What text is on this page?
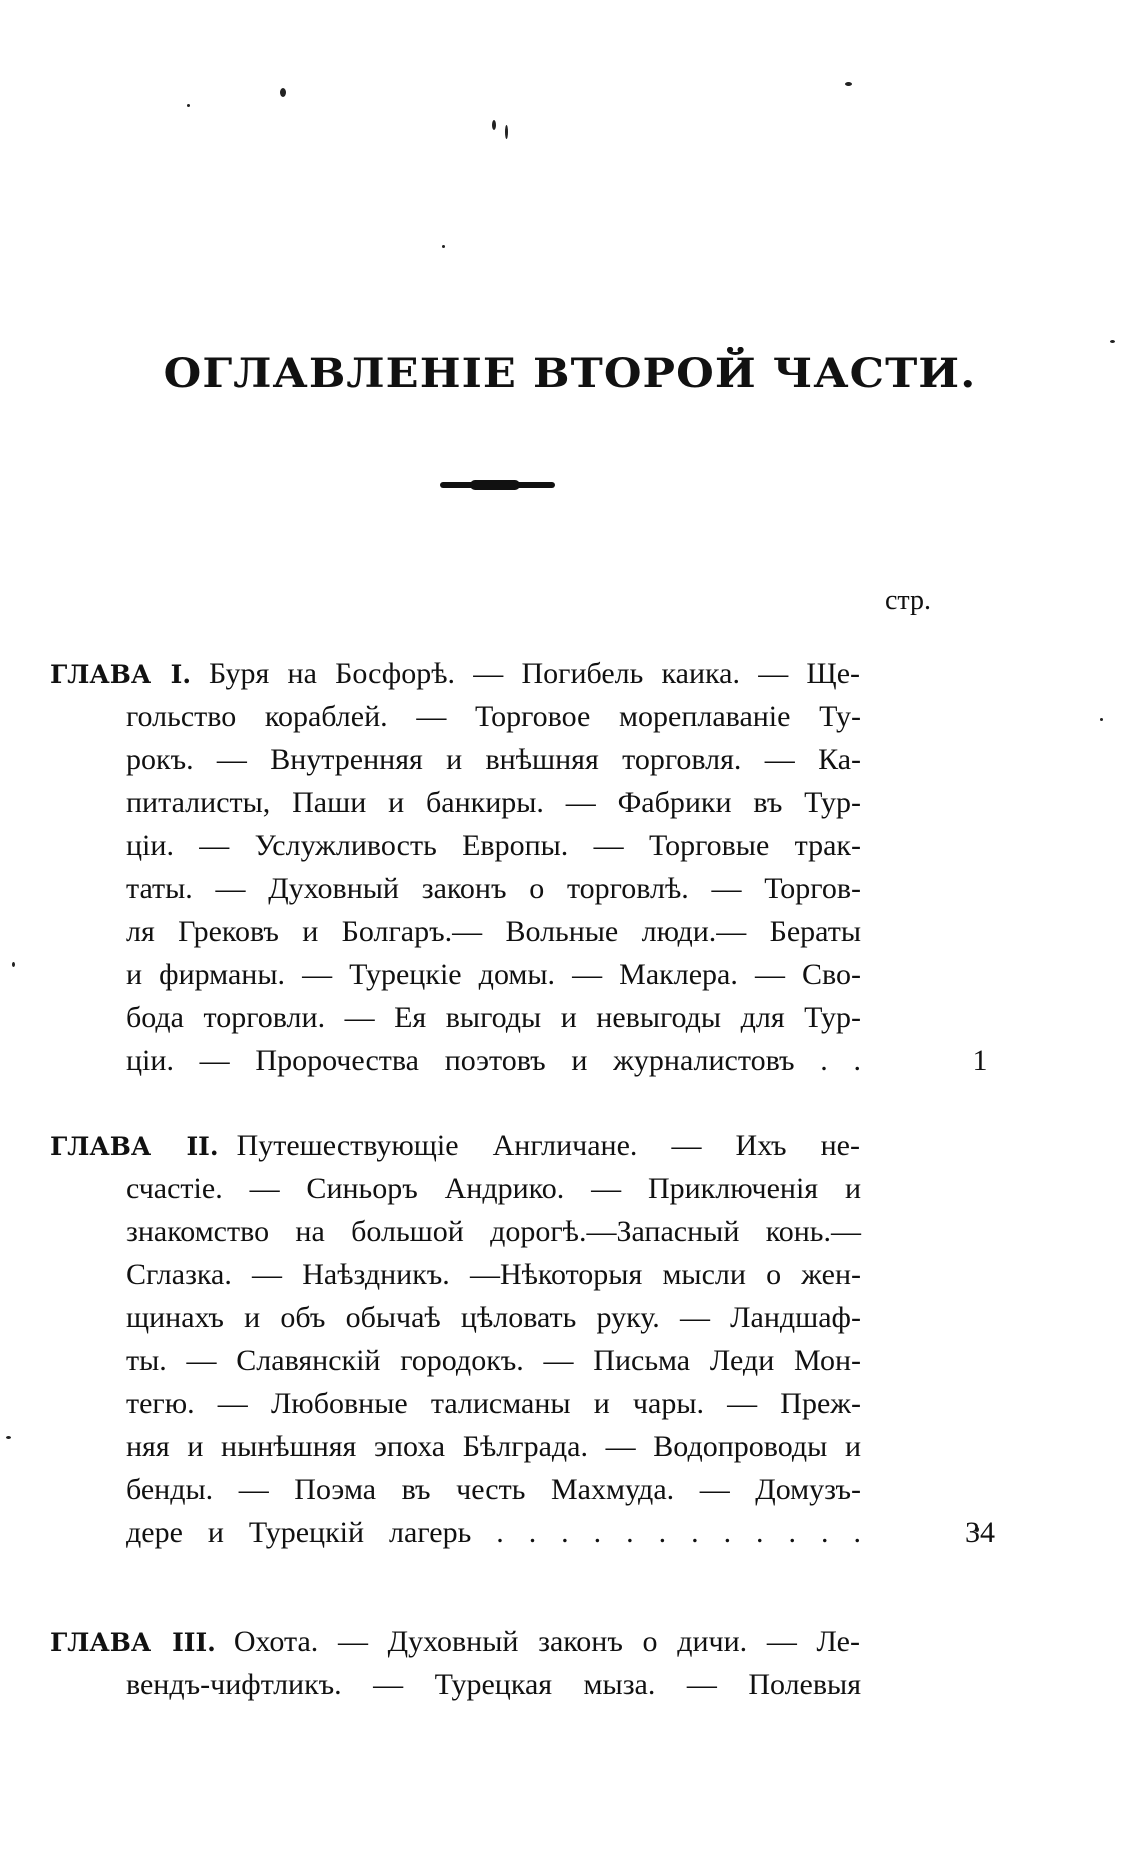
ОГЛАВЛЕНІЕ ВТОРОЙ ЧАСТИ.
стр.
ГЛАВА I. Буря на Босфорѣ. — Погибель каика. — Ще-
гольство кораблей. — Торговое мореплаваніе Ту-
рокъ. — Внутренняя и внѣшняя торговля. — Ка-
питалисты, Паши и банкиры. — Фабрики въ Тур-
ціи. — Услужливость Европы. — Торговые трак-
таты. — Духовный законъ о торговлѣ. — Торгов-
ля Грековъ и Болгаръ.— Вольные люди.— Бераты
и фирманы. — Турецкіе домы. — Маклера. — Сво-
бода торговли. — Ея выгоды и невыгоды для Тур-
ціи. — Пророчества поэтовъ и журналистовъ . .	1
ГЛАВА II. Путешествующіе Англичане. — Ихъ не-
счастіе. — Синьоръ Андрико. — Приключенія и
знакомство на большой дорогѣ.—Запасный конь.—
Сглазка. — Наѣздникъ. —Нѣкоторыя мысли о жен-
щинахъ и объ обычаѣ цѣловать руку. — Ландшаф-
ты. — Славянскій городокъ. — Письма Леди Мон-
тегю. — Любовные талисманы и чары. — Преж-
няя и нынѣшняя эпоха Бѣлграда. — Водопроводы и
бенды. — Поэма въ честь Махмуда. — Домузъ-
дере и Турецкій лагерь . . . . . . . . . . . .	34
ГЛАВА III. Охота. — Духовный законъ о дичи. — Ле-
вендъ-чифтликъ. — Турецкая мыза. — Полевыя
